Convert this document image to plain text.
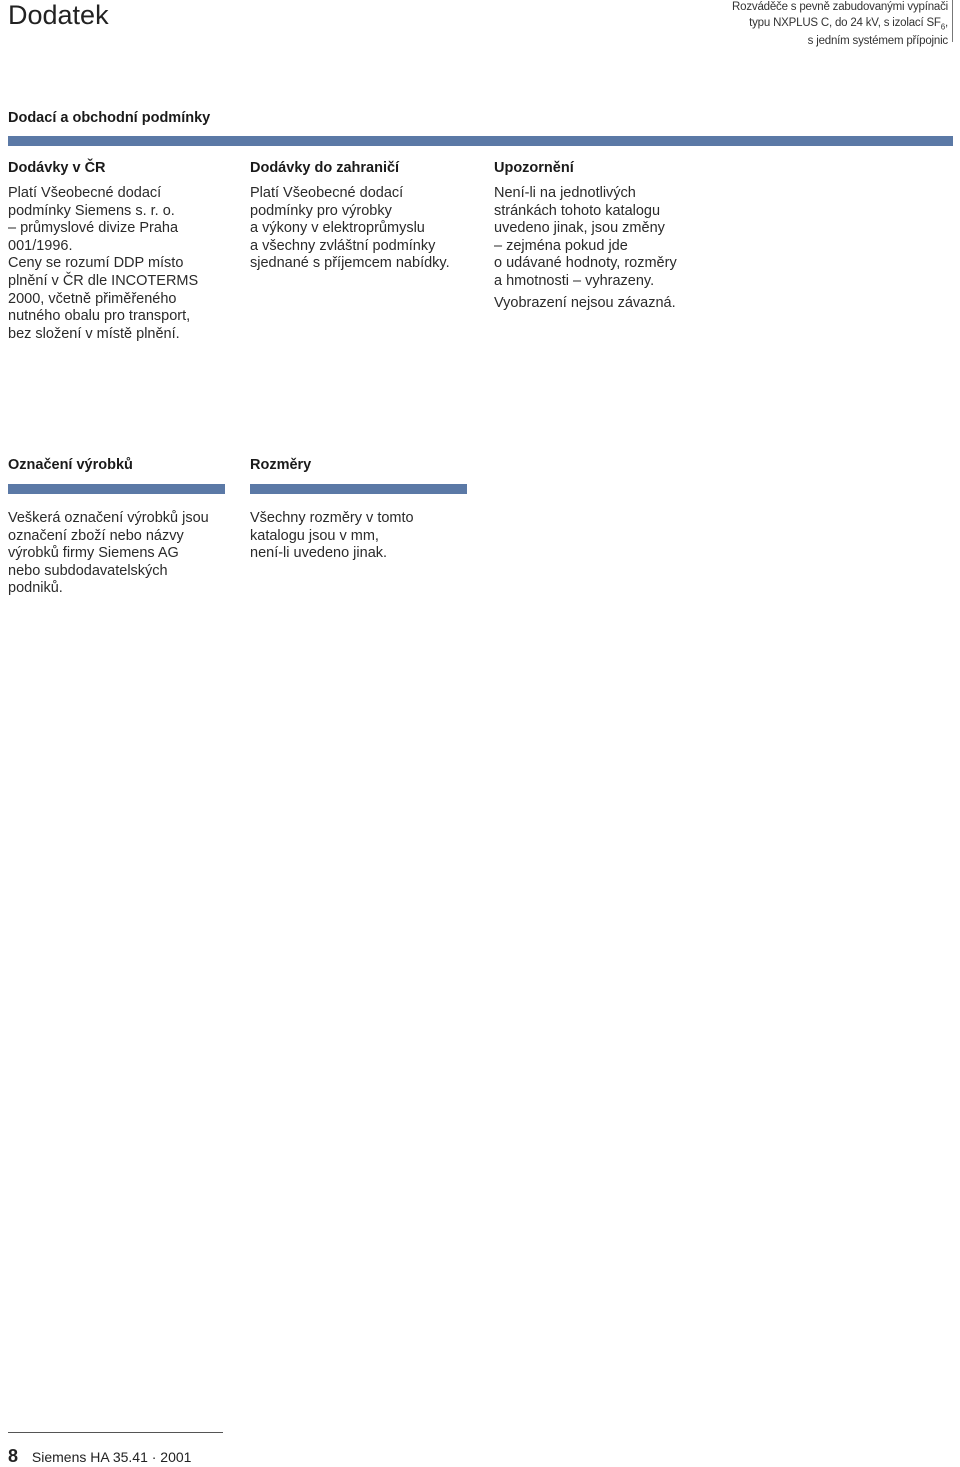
Dodatek	Rozváděče s pevně zabudovanými vypínači
typu NXPLUS C, do 24 kV, s izolací $SF_6$,
s jedním systémem přípojnic
Dodací a obchodní podmínky
Dodávky v ČR

Platí Všeobecné dodací
podmínky Siemens s. r. o.
– průmyslové divize Praha
001/1996.
Ceny se rozumí DDP místo
plnění v ČR dle INCOTERMS
2000, včetně přiměřeného
nutného obalu pro transport,
bez složení v místě plnění.

Dodávky do zahraničí

Platí Všeobecné dodací
podmínky pro výrobky
a výkony v elektroprůmyslu
a všechny zvláštní podmínky
sjednané s příjemcem nabídky.

Upozornění

Není-li na jednotlivých
stránkách tohoto katalogu
uvedeno jinak, jsou změny
– zejména pokud jde
o udávané hodnoty, rozměry
a hmotnosti – vyhrazeny.

Vyobrazení nejsou závazná.

Označení výrobků

Veškerá označení výrobků jsou
označení zboží nebo názvy
výrobků firmy Siemens AG
nebo subdodavatelských
podniků.

Rozměry

Všechny rozměry v tomto
katalogu jsou v mm,
není-li uvedeno jinak.

8 Siemens HA 35.41 · 2001
